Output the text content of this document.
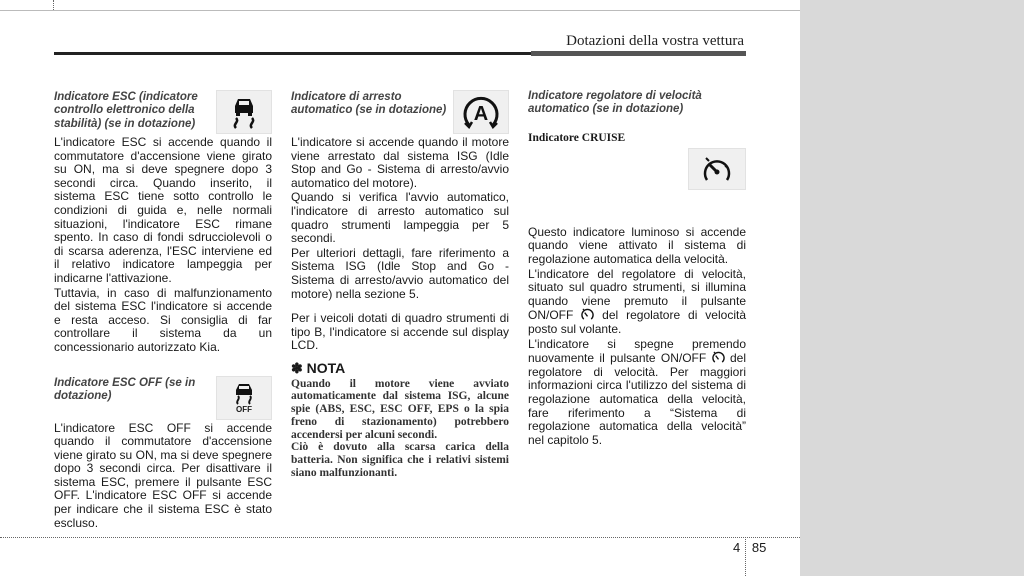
Dotazioni della vostra vettura
Indicatore ESC (indicatore controllo elettronico della stabilità) (se in dotazione)

L'indicatore ESC si accende quando il commutatore d'accensione viene girato su ON, ma si deve spegnere dopo 3 secondi circa. Quando inserito, il sistema ESC tiene sotto controllo le condizioni di guida e, nelle normali situazioni, l'indicatore ESC rimane spento. In caso di fondi sdrucciolevoli o di scarsa aderenza, l'ESC interviene ed il relativo indicatore lampeggia per indicarne l'attivazione.

Tuttavia, in caso di malfunzionamento del sistema ESC l'indicatore si accende e resta acceso. Si consiglia di far controllare il sistema da un concessionario autorizzato Kia.

Indicatore ESC OFF (se in dotazione)
OFF

L'indicatore ESC OFF si accende quando il commutatore d'accensione viene girato su ON, ma si deve spegnere dopo 3 secondi circa. Per disattivare il sistema ESC, premere il pulsante ESC OFF. L'indicatore ESC OFF si accende per indicare che il sistema ESC è stato escluso.

Indicatore di arresto automatico (se in dotazione) A

L'indicatore si accende quando il motore viene arrestato dal sistema ISG (Idle Stop and Go - Sistema di arresto/avvio automatico del motore).

Quando si verifica l'avvio automatico, l'indicatore di arresto automatico sul quadro strumenti lampeggia per 5 secondi.

Per ulteriori dettagli, fare riferimento a Sistema ISG (Idle Stop and Go - Sistema di arresto/avvio automatico del motore) nella sezione 5.

Per i veicoli dotati di quadro strumenti di tipo B, l'indicatore si accende sul display LCD.

✽ NOTA

Quando il motore viene avviato automaticamente dal sistema ISG, alcune spie (ABS, ESC, ESC OFF, EPS o la spia freno di stazionamento) potrebbero accendersi per alcuni secondi.

Ciò è dovuto alla scarsa carica della batteria. Non significa che i relativi sistemi siano malfunzionanti.

Indicatore regolatore di velocità automatico (se in dotazione)
Indicatore CRUISE

Questo indicatore luminoso si accende quando viene attivato il sistema di regolazione automatica della velocità.

L'indicatore del regolatore di velocità, situato sul quadro strumenti, si illumina quando viene premuto il pulsante ON/OFF  del regolatore di velocità posto sul volante.

L'indicatore si spegne premendo nuovamente il pulsante ON/OFF  del regolatore di velocità. Per maggiori informazioni circa l'utilizzo del sistema di regolazione automatica della velocità, fare riferimento a “Sistema di regolazione automatica della velocità” nel capitolo 5.

4 85
